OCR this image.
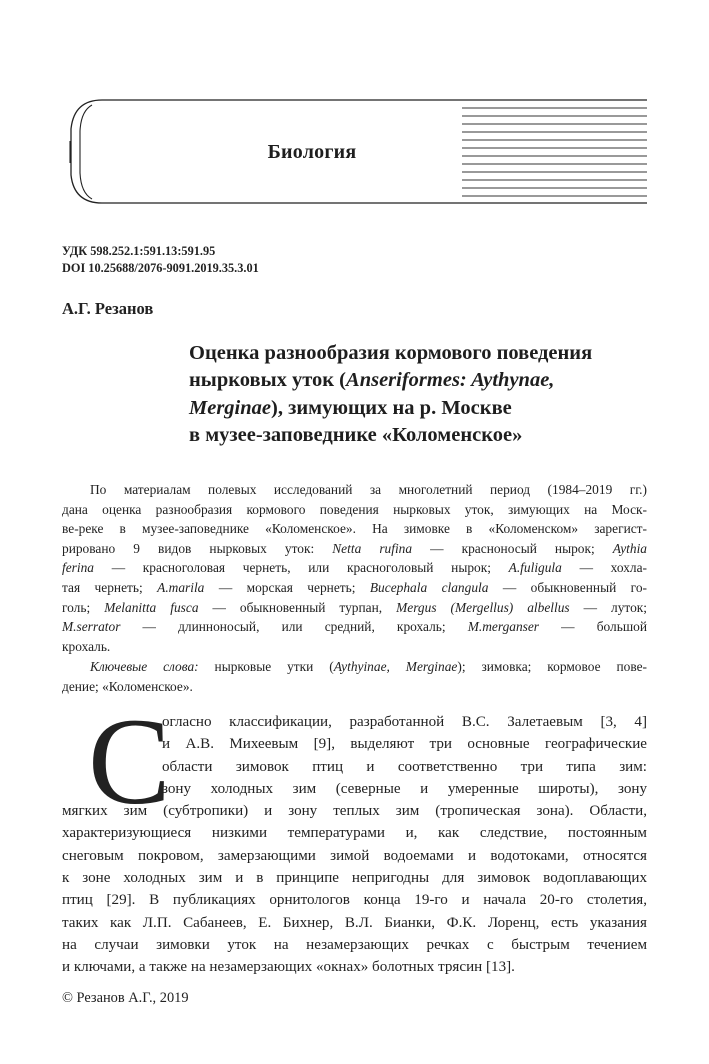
Биология
УДК 598.252.1:591.13:591.95
DOI 10.25688/2076-9091.2019.35.3.01
А.Г. Резанов
Оценка разнообразия кормового поведения
нырковых уток (Anseriformes: Aythynae,
Merginae), зимующих на р. Москве
в музее-заповеднике «Коломенское»
По материалам полевых исследований за многолетний период (1984–2019 гг.)
дана оценка разнообразия кормового поведения нырковых уток, зимующих на Моск-
ве-реке в музее-заповеднике «Коломенское». На зимовке в «Коломенском» зарегист-
рировано 9 видов нырковых уток: Netta rufina — красноносый нырок; Aythia
ferina — красноголовая чернеть, или красноголовый нырок; A.fuligula — хохла-
тая чернеть; A.marila — морская чернеть; Bucephala clangula — обыкновенный го-
голь; Melanitta fusca — обыкновенный турпан, Mergus (Mergellus) albellus — луток;
M.serrator — длинноносый, или средний, крохаль; M.merganser — большой
крохаль.
Ключевые слова: нырковые утки (Aythyinae, Merginae); зимовка; кормовое пове-
дение; «Коломенское».
С
огласно классификации, разработанной В.С. Залетаевым [3, 4]
и А.В. Михеевым [9], выделяют три основные географические
области зимовок птиц и соответственно три типа зим:
зону холодных зим (северные и умеренные широты), зону
мягких зим (субтропики) и зону теплых зим (тропическая зона). Области,
характеризующиеся низкими температурами и, как следствие, постоянным
снеговым покровом, замерзающими зимой водоемами и водотоками, относятся
к зоне холодных зим и в принципе непригодны для зимовок водоплавающих
птиц [29]. В публикациях орнитологов конца 19-го и начала 20-го столетия,
таких как Л.П. Сабанеев, Е. Бихнер, В.Л. Бианки, Ф.К. Лоренц, есть указания
на случаи зимовки уток на незамерзающих речках с быстрым течением
и ключами, а также на незамерзающих «окнах» болотных трясин [13].
© Резанов А.Г., 2019
